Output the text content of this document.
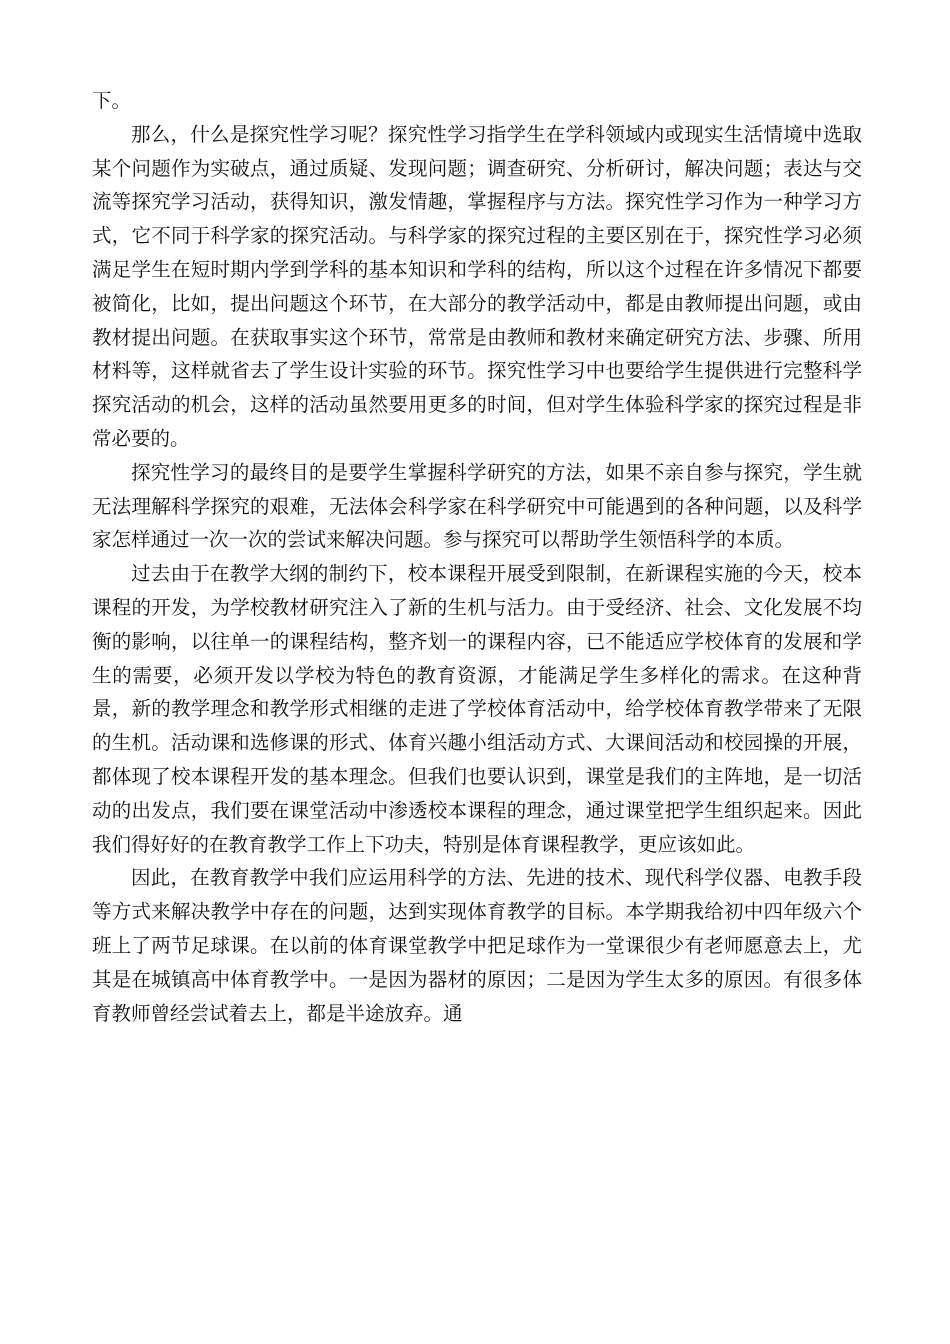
下。

那么，什么是探究性学习呢？探究性学习指学生在学科领域内或现实生活情境中选取某个问题作为实破点，通过质疑、发现问题；调查研究、分析研讨，解决问题；表达与交流等探究学习活动，获得知识，激发情趣，掌握程序与方法。探究性学习作为一种学习方式，它不同于科学家的探究活动。与科学家的探究过程的主要区别在于，探究性学习必须满足学生在短时期内学到学科的基本知识和学科的结构，所以这个过程在许多情况下都要被简化，比如，提出问题这个环节，在大部分的教学活动中，都是由教师提出问题，或由教材提出问题。在获取事实这个环节，常常是由教师和教材来确定研究方法、步骤、所用材料等，这样就省去了学生设计实验的环节。探究性学习中也要给学生提供进行完整科学探究活动的机会，这样的活动虽然要用更多的时间，但对学生体验科学家的探究过程是非常必要的。

探究性学习的最终目的是要学生掌握科学研究的方法，如果不亲自参与探究，学生就无法理解科学探究的艰难，无法体会科学家在科学研究中可能遇到的各种问题，以及科学家怎样通过一次一次的尝试来解决问题。参与探究可以帮助学生领悟科学的本质。

过去由于在教学大纲的制约下，校本课程开展受到限制，在新课程实施的今天，校本课程的开发，为学校教材研究注入了新的生机与活力。由于受经济、社会、文化发展不均衡的影响，以往单一的课程结构，整齐划一的课程内容，已不能适应学校体育的发展和学生的需要，必须开发以学校为特色的教育资源，才能满足学生多样化的需求。在这种背景，新的教学理念和教学形式相继的走进了学校体育活动中，给学校体育教学带来了无限的生机。活动课和选修课的形式、体育兴趣小组活动方式、大课间活动和校园操的开展，都体现了校本课程开发的基本理念。但我们也要认识到，课堂是我们的主阵地，是一切活动的出发点，我们要在课堂活动中渗透校本课程的理念，通过课堂把学生组织起来。因此我们得好好的在教育教学工作上下功夫，特别是体育课程教学，更应该如此。

因此，在教育教学中我们应运用科学的方法、先进的技术、现代科学仪器、电教手段等方式来解决教学中存在的问题，达到实现体育教学的目标。本学期我给初中四年级六个班上了两节足球课。在以前的体育课堂教学中把足球作为一堂课很少有老师愿意去上，尤其是在城镇高中体育教学中。一是因为器材的原因；二是因为学生太多的原因。有很多体育教师曾经尝试着去上，都是半途放弃。通
